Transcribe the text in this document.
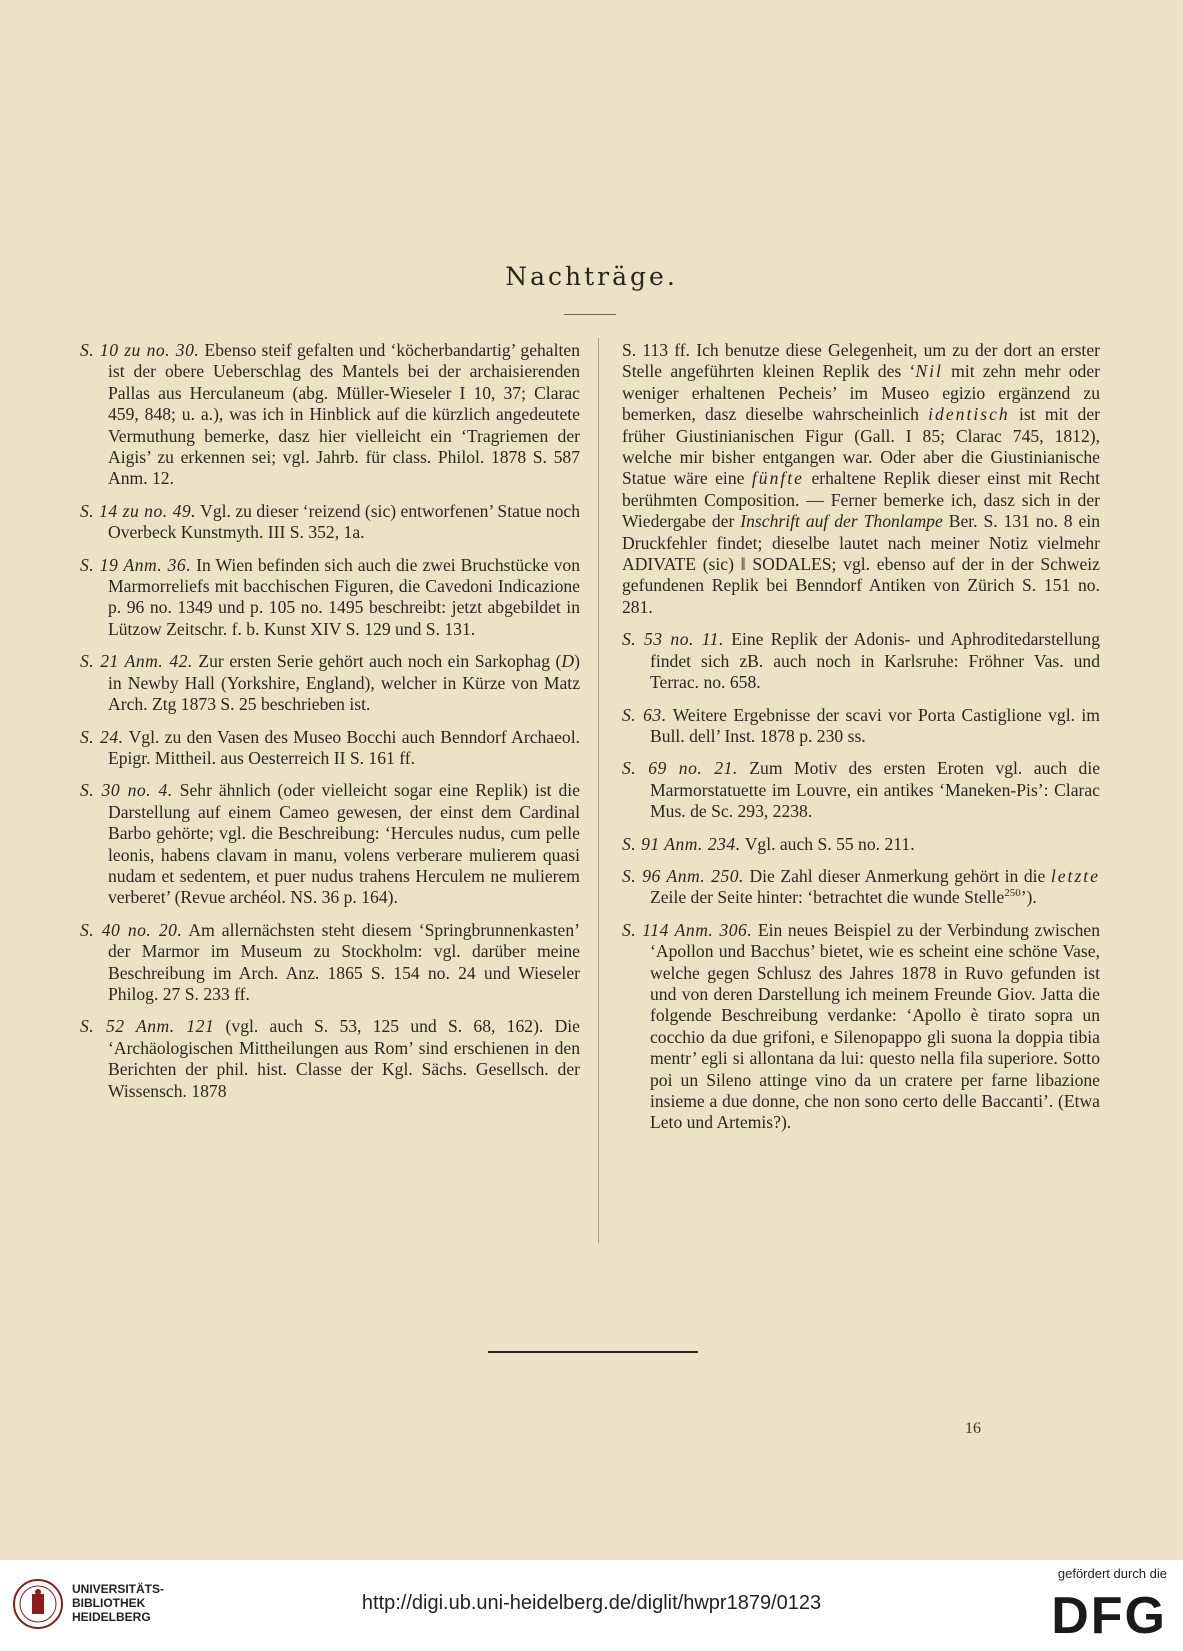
Nachträge.

S. 10 zu no. 30. Ebenso steif gefalten und ‘köcherbandartig’ gehalten ist der obere Ueberschlag des Mantels bei der archaisierenden Pallas aus Herculaneum (abg. Müller-Wieseler I 10, 37; Clarac 459, 848; u. a.), was ich in Hinblick auf die kürzlich angedeutete Vermuthung bemerke, dasz hier vielleicht ein ‘Tragriemen der Aigis’ zu erkennen sei; vgl. Jahrb. für class. Philol. 1878 S. 587 Anm. 12.

S. 14 zu no. 49. Vgl. zu dieser ‘reizend (sic) entworfenen’ Statue noch Overbeck Kunstmyth. III S. 352, 1a.

S. 19 Anm. 36. In Wien befinden sich auch die zwei Bruchstücke von Marmorreliefs mit bacchischen Figuren, die Cavedoni Indicazione p. 96 no. 1349 und p. 105 no. 1495 beschreibt: jetzt abgebildet in Lützow Zeitschr. f. b. Kunst XIV S. 129 und S. 131.

S. 21 Anm. 42. Zur ersten Serie gehört auch noch ein Sarkophag (D) in Newby Hall (Yorkshire, England), welcher in Kürze von Matz Arch. Ztg 1873 S. 25 beschrieben ist.

S. 24. Vgl. zu den Vasen des Museo Bocchi auch Benndorf Archaeol. Epigr. Mittheil. aus Oesterreich II S. 161 ff.

S. 30 no. 4. Sehr ähnlich (oder vielleicht sogar eine Replik) ist die Darstellung auf einem Cameo gewesen, der einst dem Cardinal Barbo gehörte; vgl. die Beschreibung: ‘Hercules nudus, cum pelle leonis, habens clavam in manu, volens verberare mulierem quasi nudam et sedentem, et puer nudus trahens Herculem ne mulierem verberet’ (Revue archéol. NS. 36 p. 164).

S. 40 no. 20. Am allernächsten steht diesem ‘Springbrunnenkasten’ der Marmor im Museum zu Stockholm: vgl. darüber meine Beschreibung im Arch. Anz. 1865 S. 154 no. 24 und Wieseler Philog. 27 S. 233 ff.

S. 52 Anm. 121 (vgl. auch S. 53, 125 und S. 68, 162). Die ‘Archäologischen Mittheilungen aus Rom’ sind erschienen in den Berichten der phil. hist. Classe der Kgl. Sächs. Gesellsch. der Wissensch. 1878

S. 113 ff. Ich benutze diese Gelegenheit, um zu der dort an erster Stelle angeführten kleinen Replik des ‘Nil mit zehn mehr oder weniger erhaltenen Pecheis’ im Museo egizio ergänzend zu bemerken, dasz dieselbe wahrscheinlich identisch ist mit der früher Giustinianischen Figur (Gall. I 85; Clarac 745, 1812), welche mir bisher entgangen war. Oder aber die Giustinianische Statue wäre eine fünfte erhaltene Replik dieser einst mit Recht berühmten Composition. — Ferner bemerke ich, dasz sich in der Wiedergabe der Inschrift auf der Thonlampe Ber. S. 131 no. 8 ein Druckfehler findet; dieselbe lautet nach meiner Notiz vielmehr ADIVATE (sic) ‖ SODALES; vgl. ebenso auf der in der Schweiz gefundenen Replik bei Benndorf Antiken von Zürich S. 151 no. 281.

S. 53 no. 11. Eine Replik der Adonis- und Aphroditedarstellung findet sich zB. auch noch in Karlsruhe: Fröhner Vas. und Terrac. no. 658.

S. 63. Weitere Ergebnisse der scavi vor Porta Castiglione vgl. im Bull. dell’ Inst. 1878 p. 230 ss.

S. 69 no. 21. Zum Motiv des ersten Eroten vgl. auch die Marmorstatuette im Louvre, ein antikes ‘Maneken-Pis’: Clarac Mus. de Sc. 293, 2238.

S. 91 Anm. 234. Vgl. auch S. 55 no. 211.

S. 96 Anm. 250. Die Zahl dieser Anmerkung gehört in die letzte Zeile der Seite hinter: ‘betrachtet die wunde Stelle$^{250}$’).

S. 114 Anm. 306. Ein neues Beispiel zu der Verbindung zwischen ‘Apollon und Bacchus’ bietet, wie es scheint eine schöne Vase, welche gegen Schlusz des Jahres 1878 in Ruvo gefunden ist und von deren Darstellung ich meinem Freunde Giov. Jatta die folgende Beschreibung verdanke: ‘Apollo è tirato sopra un cocchio da due grifoni, e Silenopappo gli suona la doppia tibia mentr’ egli si allontana da lui: questo nella fila superiore. Sotto poi un Sileno attinge vino da un cratere per farne libazione insieme a due donne, che non sono certo delle Baccanti’. (Etwa Leto und Artemis?).

16
UNIVERSITÄTS-
BIBLIOTHEK
HEIDELBERG
http://digi.ub.uni-heidelberg.de/diglit/hwpr1879/0123
gefördert durch die
DFG
